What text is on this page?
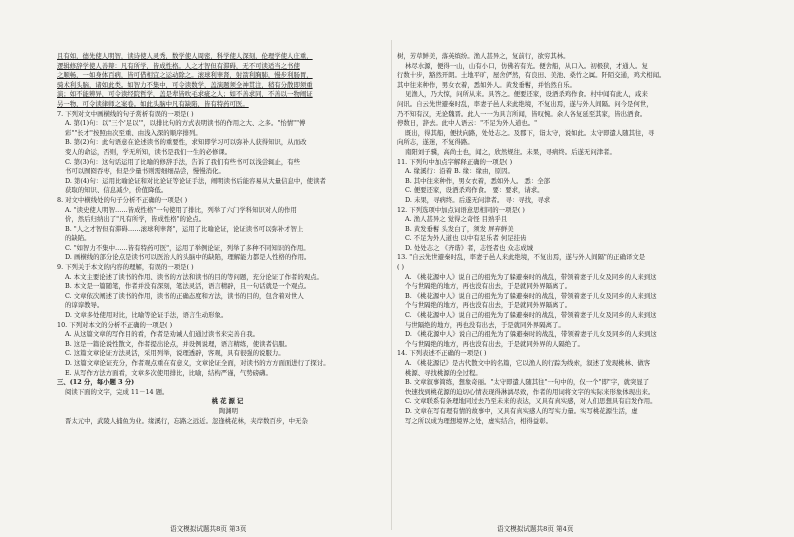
且有如，德先使人明智，读诗使人灵秀，数学使人周密，科学使人深刻，伦理学使人庄重，

逻辑修辞学使人善辩：凡有所学，皆成性格。人之才智但有滞碍，无不可读适当之书使

之顺畅，一如身体百病，皆可借相宜之运动除之。滚球利睾肾，射箭利胸肺，慢步利肠胃，

骑术利头脑，诸如此类。如智力不集中，可令读数学，盖演题须全神贯注，稍有分散即须重

演；如不能辨异，可令读经院哲学，盖是辈皆吹毛求疵之人；如不善求同，不善以一物阐证

另一物，可令读律师之案卷。如此头脑中凡有缺陷，皆有特药可医。

7. 下列对文中画横线的句子赏析有误的一项是( )

A. 第(1)句：以"三个'足以'"，以排比句的方式表明读书的作用之大、之多。"怡情""傅

彩""长才"按照由次至重、由浅入深的顺序排列。

B. 第(2)句：此句语意在论述读书的重要性，求知即学习可以弥补人获得知识，从而改

变人的命运，否则，学无所知，读书是我们一生的必修课。

C. 第(3)句：这句话运用了比喻的修辞手法，告诉了我们有些书可以浅尝辄止，有些

书可以囫囵吞枣，但是少量书则需细细品尝，慢慢消化。

D. 第(4)句：运用比喻论证和对比论证等论证手法，阐明读书后能容易从大量信息中，使读者

获取的知识、信息减少，价值降低。

8. 对文中横线处的句子分析不正确的一项是( )

A. "读史使人明智……皆成性格"一句使用了排比，列举了六门学科知识对人的作用

价，然后归纳出了"凡有所学，皆成性格"的论点。

B. "人之才智但有滞碍……滚球利睾肾"，运用了比喻论证，论证读书可以弥补才智上

的缺陷。

C. "如智力不集中……皆有特药可医"，运用了举例论证，列举了多种不同知识的作用。

D. 画横线的部分论点是读书可以医治人的头脑中的缺陷，理解能力都是人性格的作用。

9. 下列关于本文的内容的理解，有误的一项是( )

A. 本文主要论述了读书的作用、读书的方法和读书的目的等问题，充分论证了作者的观点。

B. 本文是一篇随笔，作者并没有深刻，笔法灵活，语言精辟，且一句话就是一个观点。

C. 文章依次阐述了读书的作用，读书的正确态度和方法，读书的目的，包含着对世人

的谆谆教导。

D. 文章多处使用对比，比喻等论证手法，语言生动形象。

10. 下列对本文的分析不正确的一项是( )

A. 从这篇文章的写作目的看，作者是劝诫人们通过读书来完善自我。

B. 这是一篇论说性散文，作者提出论点，并设例说理，语言精练，使读者信服。

C. 这篇文章论证方法灵活，采用列举，说理透辟，客观，具有很强的说服力。

D. 这篇文章论证充分，作者观点重在有意义，文章论证全面，对读书的方方面面进行了探讨。

E. 从写作方法方面看，文章多次使用排比，比喻，结构严谨，气势磅礴。

三、(12 分，每小题 3 分)

阅读下面的文字，完成 11－14 题。

桃花源记

陶渊明

晋太元中，武陵人捕鱼为业。缘溪行，忘路之远近。忽逢桃花林，夹岸数百步，中无杂

树，芳草鲜美，落英缤纷。渔人甚异之，复前行，欲穷其林。

林尽水源，便得一山，山有小口，仿佛若有光。便舍船，从口入。初极狭，才通人。复

行数十步，豁然开朗。土地平旷，屋舍俨然，有良田、美池、桑竹之属。阡陌交通，鸡犬相闻。

其中往来种作，男女衣着，悉如外人。黄发垂髫，并怡然自乐。

见渔人，乃大惊，问所从来。具答之。便要还家，设酒杀鸡作食。村中闻有此人，咸来

问讯。自云先世避秦时乱，率妻子邑人来此绝境，不复出焉，遂与外人间隔。问今是何世，

乃不知有汉，无论魏晋。此人一一为具言所闻，皆叹惋。余人各复延至其家，皆出酒食。

停数日，辞去。此中人语云："不足为外人道也。"

既出，得其船，便扶向路，处处志之。及郡下，诣太守，说如此。太守即遣人随其往，寻

向所志，遂迷，不复得路。

南阳刘子骥，高尚士也，闻之，欣然规往。未果，寻病终。后遂无问津者。

11. 下列句中加点字解释正确的一项是( )

A. 缘溪行：沿着 B. 缘：缘由，原因。

B. 其中往来种作，男女衣着，悉如外人。 悉：全部

C. 便要还家，设酒杀鸡作食。 要：要求，请求。

D. 未果，寻病终。后遂无问津者。 寻：寻找，寻求

12. 下列选项中加点词语意思相同的一项是( )

A. 渔人甚异之 觉得之奇怪 目熟乎且

B. 黄发垂髫 头发白了，须发 屏弃鲜美

C. 不足为外人道也 以中有足乐者 何足挂齿

D. 处处志之 《齐谐》者，志怪者也 众志成城

13. "自云先世避秦时乱，率妻子邑人来此绝境，不复出焉，遂与外人间隔"的正确译文是

( )

A. 《桃花源中人》说自己的祖先为了躲避秦时的战乱，带领着妻子儿女及同乡的人来到这

个与世隔绝的地方，再也没有出去，于是就同外界隔离了。

B. 《桃花源中人》说自己的祖先为了躲避秦时的战乱，带领着妻子儿女及同乡的人来到这

个与世隔绝的地方，再也没有出去，于是就同外界隔离了。

C. 《桃花源中人》说自己的祖先为了躲避秦时的战乱，带领着妻子儿女及同乡的人来到这

与世隔绝的地方，再也没有出去，于是就同外界隔离了。

D. 《桃花源中人》说自己的祖先为了躲避秦时的战乱，带领着妻子儿女及同乡的人来到这

个与世隔绝的地方，再也没有出去，于是就同外界的人隔绝了。

14. 下列表述不正确的一项是( )

A. 《桃花源记》是古代散文中的名篇，它以渔人的行踪为线索，叙述了发现桃林、做客

桃源、寻找桃源的全过程。

B. 文章叙事简练，想象奇丽。"太守即遣人随其往"一句中的，仅一个"即"字，就突显了

快速找到桃花源的迫切心情表现得淋漓尽致，作者的用词将文字的实际来形象体现出来。

C. 文章联系有条理地同过去乃至未来的表达，又具有真实感，对人们思想具有启发作用。

D. 文章在写有理有情的故事中，又具有真实感人的写实力量。实写桃花源生活，虚

写之所以成为理想境界之处，虚实结合，相得益彰。

语文模拟试题共8页 第3页	语文模拟试题共8页 第4页
